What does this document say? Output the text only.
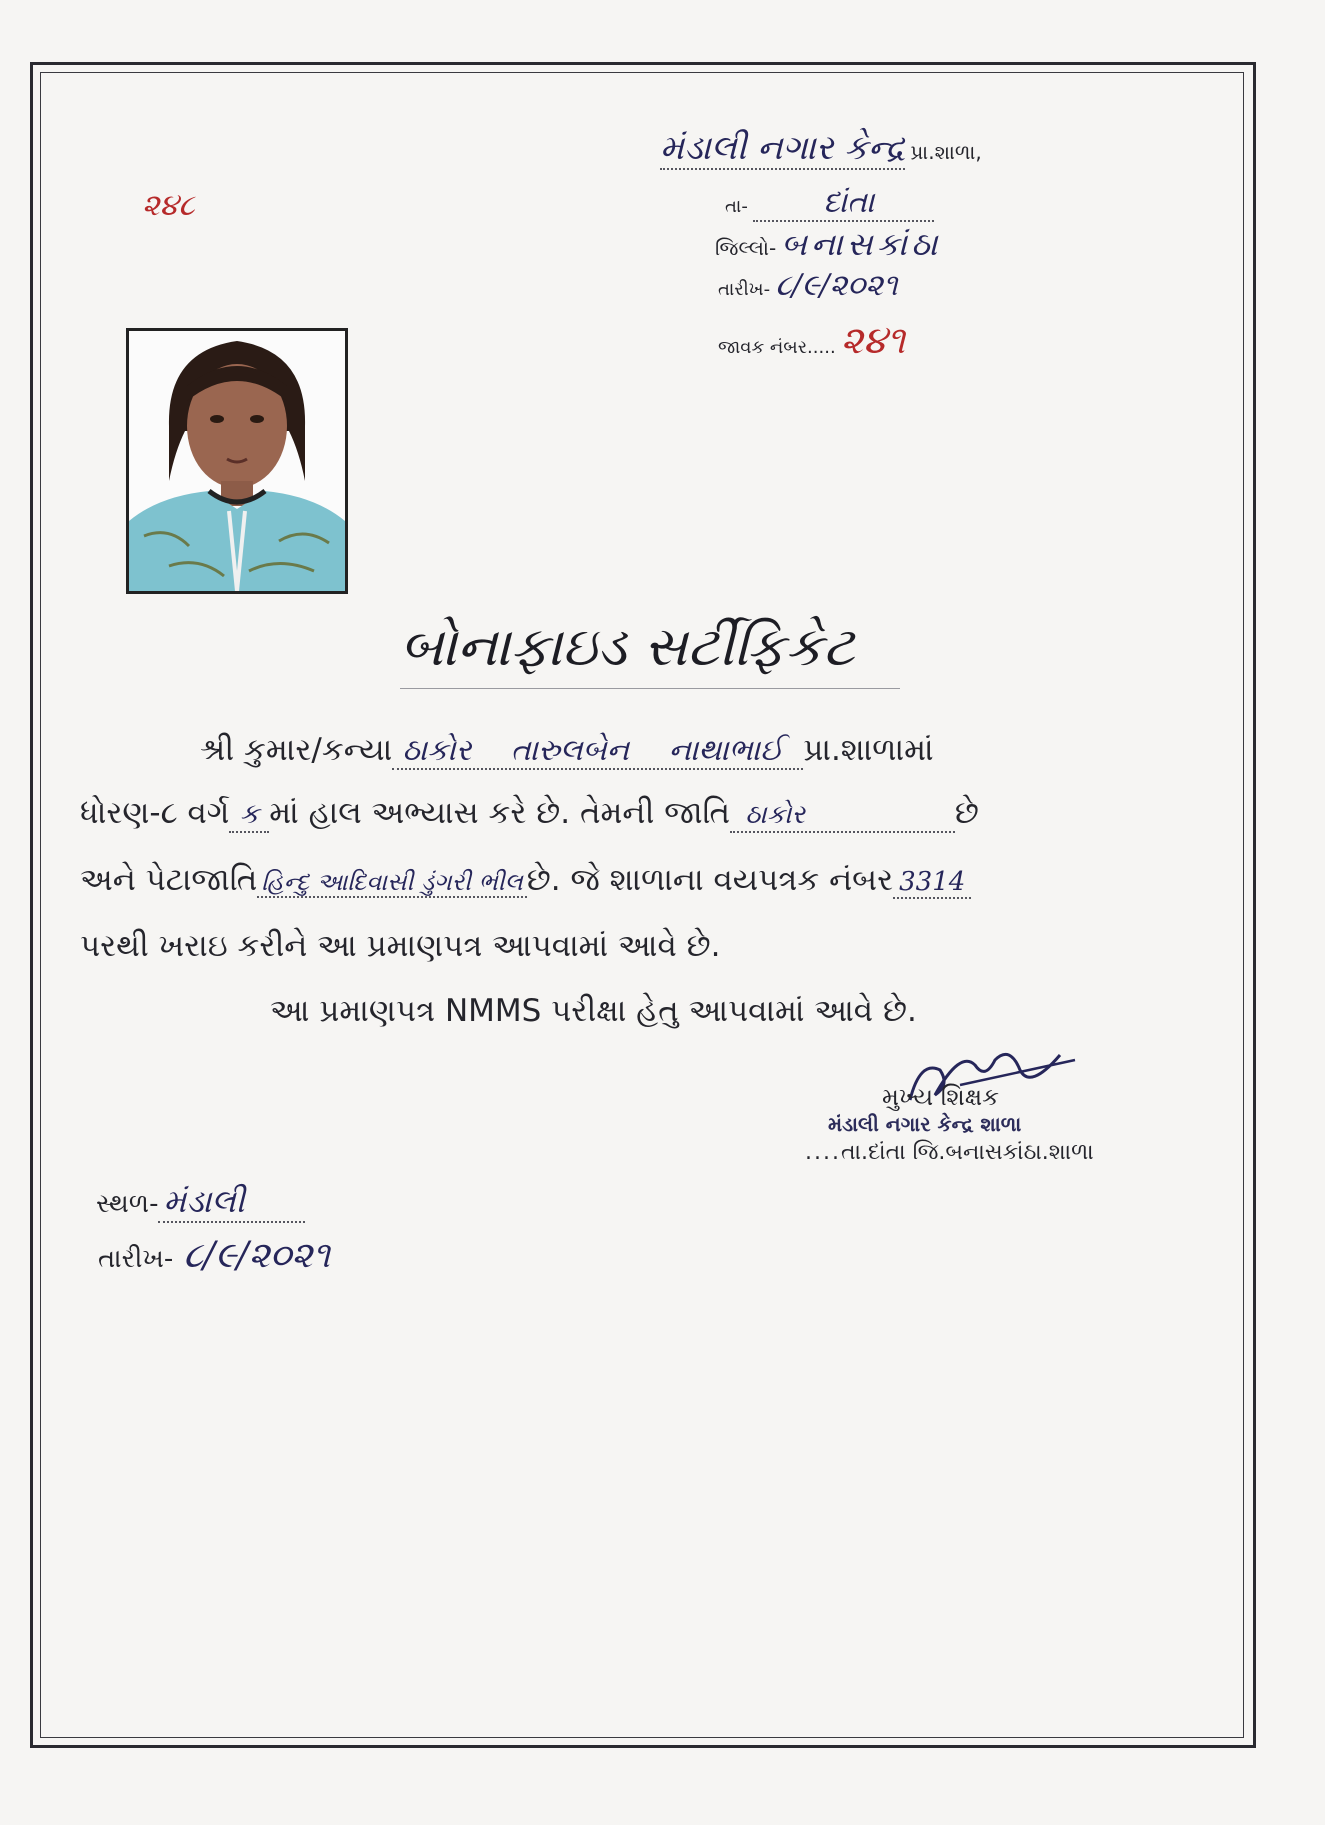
૨૪૮
મંડાલી નગાર કેન્દ્ર પ્રા.શાળા,
તા-	દાંતા
જિલ્લો- બનાસકાંઠા
તારીખ- ૮/૯/૨૦૨૧
જાવક નંબર..... ૨૪૧
બોનાફાઇડ સર્ટીફિકેટ
શ્રી કુમાર/કન્યા ઠાકોર તારુલબેન નાથાભાઈ પ્રા.શાળામાં
ધોરણ-૮ વર્ગ ક માં હાલ અભ્યાસ કરે છે. તેમની જાતિ ઠાકોર	છે
અને પેટાજાતિ હિન્દુ આદિવાસી ડુંગરી ભીલ છે. જે શાળાના વયપત્રક નંબર 3314
પરથી ખરાઇ કરીને આ પ્રમાણપત્ર આપવામાં આવે છે.
આ પ્રમાણપત્ર NMMS પરીક્ષા હેતુ આપવામાં આવે છે.
મુખ્ય શિક્ષક
મંડાલી નગાર કેન્દ્ર શાળા
....તા.દાંતા જિ.બનાસકાંઠા.શાળા
સ્થળ- મંડાલી
તારીખ- ૮/૯/૨૦૨૧
